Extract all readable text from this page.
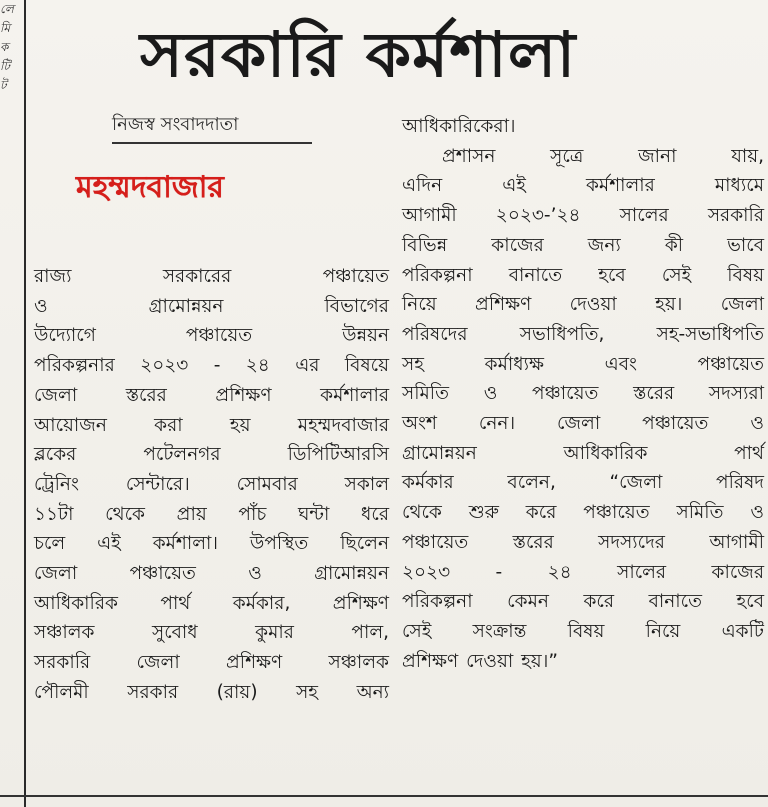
লে
মি
ক
টি
ট সরকারি কর্মশালা
নিজস্ব সংবাদদাতা
মহম্মদবাজার
রাজ্য সরকারের পঞ্চায়েত
ও গ্রামোন্নয়ন বিভাগের
উদ্যোগে পঞ্চায়েত উন্নয়ন
পরিকল্পনার ২০২৩ - ২৪ এর বিষয়ে
জেলা স্তরের প্রশিক্ষণ কর্মশালার
আয়োজন করা হয় মহম্মদবাজার
ব্লকের পটেলনগর ডিপিটিআরসি
ট্রেনিং সেন্টারে। সোমবার সকাল
১১টা থেকে প্রায় পাঁচ ঘন্টা ধরে
চলে এই কর্মশালা। উপস্থিত ছিলেন
জেলা পঞ্চায়েত ও গ্রামোন্নয়ন
আধিকারিক পার্থ কর্মকার, প্রশিক্ষণ
সঞ্চালক সুবোধ কুমার পাল,
সরকারি জেলা প্রশিক্ষণ সঞ্চালক
পৌলমী সরকার (রায়) সহ অন্য
আধিকারিকেরা।
প্রশাসন সূত্রে জানা যায়,
এদিন এই কর্মশালার মাধ্যমে
আগামী ২০২৩-’২৪ সালের সরকারি
বিভিন্ন কাজের জন্য কী ভাবে
পরিকল্পনা বানাতে হবে সেই বিষয়
নিয়ে প্রশিক্ষণ দেওয়া হয়। জেলা
পরিষদের সভাধিপতি, সহ-সভাধিপতি
সহ কর্মাধ্যক্ষ এবং পঞ্চায়েত
সমিতি ও পঞ্চায়েত স্তরের সদস্যরা
অংশ নেন। জেলা পঞ্চায়েত ও
গ্রামোন্নয়ন আধিকারিক পার্থ
কর্মকার বলেন, “জেলা পরিষদ
থেকে শুরু করে পঞ্চায়েত সমিতি ও
পঞ্চায়েত স্তরের সদস্যদের আগামী
২০২৩ - ২৪ সালের কাজের
পরিকল্পনা কেমন করে বানাতে হবে
সেই সংক্রান্ত বিষয় নিয়ে একটি
প্রশিক্ষণ দেওয়া হয়।”
